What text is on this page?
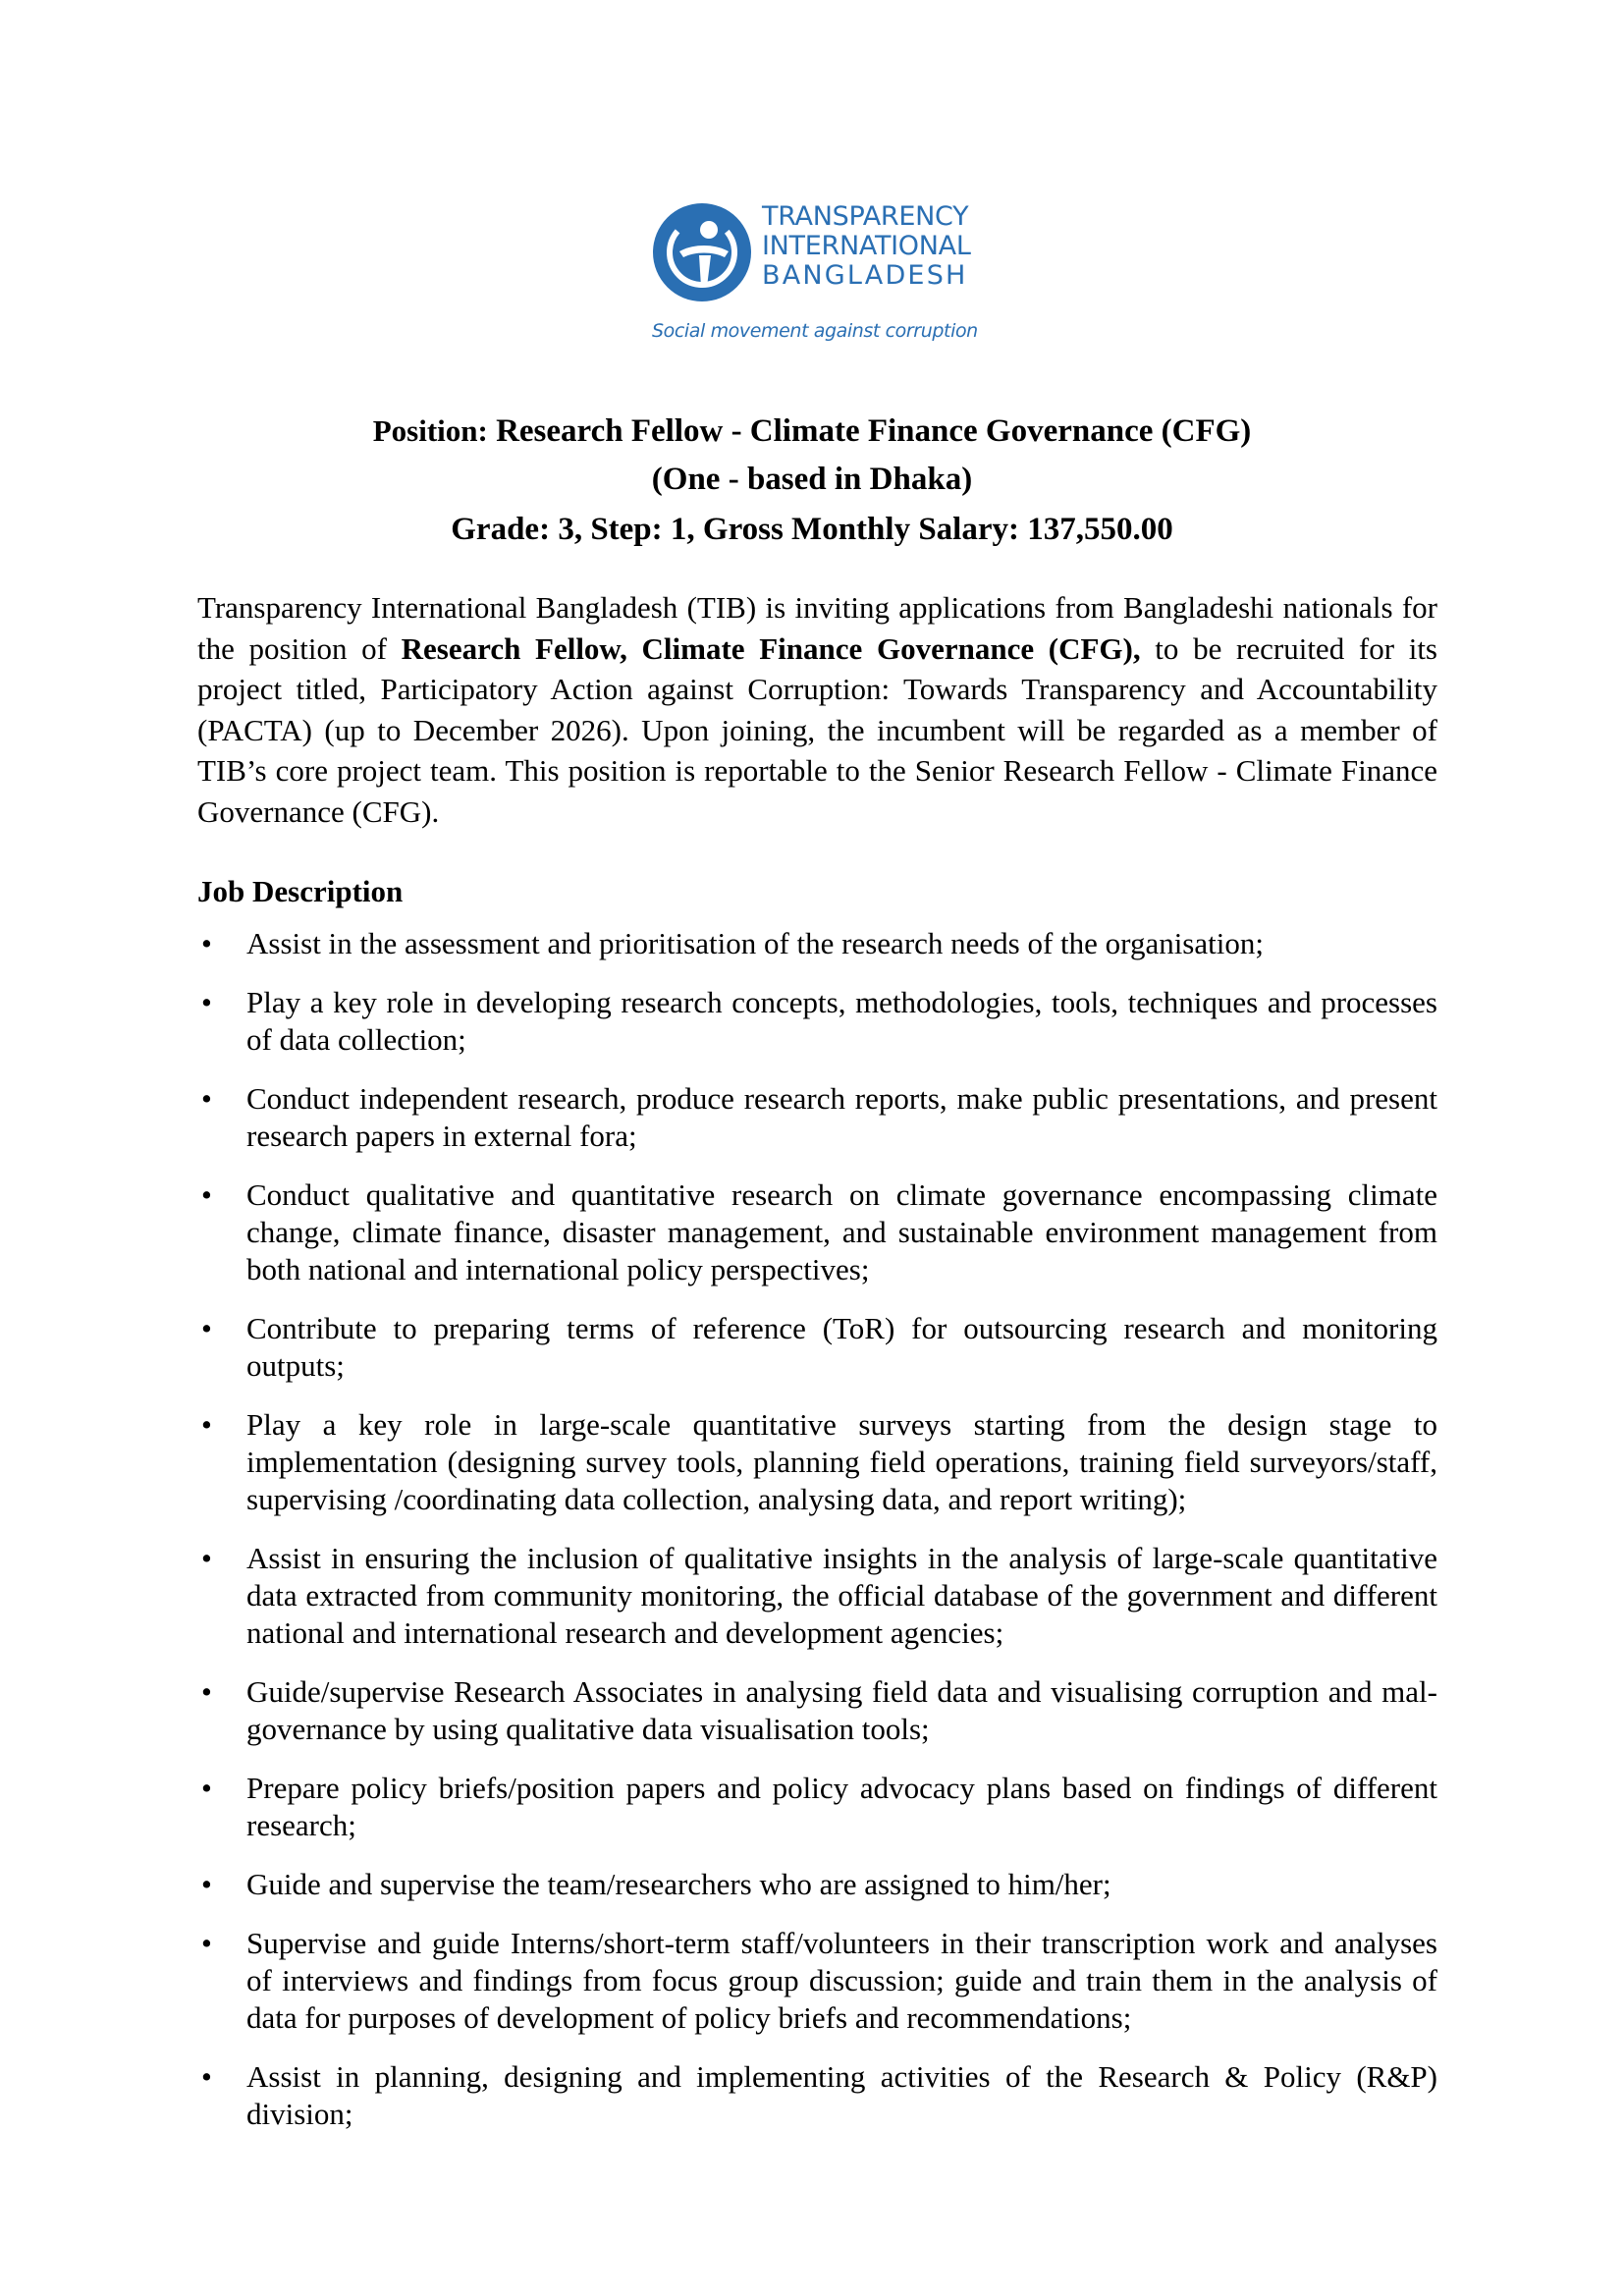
TRANSPARENCY
INTERNATIONAL
BANGLADESH
Social movement against corruption
Position: Research Fellow - Climate Finance Governance (CFG)
(One - based in Dhaka)
Grade: 3, Step: 1, Gross Monthly Salary: 137,550.00

Transparency International Bangladesh (TIB) is inviting applications from Bangladeshi nationals for the position of Research Fellow, Climate Finance Governance (CFG), to be recruited for its project titled, Participatory Action against Corruption: Towards Transparency and Accountability (PACTA) (up to December 2026). Upon joining, the incumbent will be regarded as a member of TIB’s core project team. This position is reportable to the Senior Research Fellow - Climate Finance Governance (CFG).

Job Description
• Assist in the assessment and prioritisation of the research needs of the organisation;
• Play a key role in developing research concepts, methodologies, tools, techniques and processes of data collection;
• Conduct independent research, produce research reports, make public presentations, and present research papers in external fora;
• Conduct qualitative and quantitative research on climate governance encompassing climate change, climate finance, disaster management, and sustainable environment management from both national and international policy perspectives;
• Contribute to preparing terms of reference (ToR) for outsourcing research and monitoring outputs;
• Play a key role in large-scale quantitative surveys starting from the design stage to implementation (designing survey tools, planning field operations, training field surveyors/staff, supervising /coordinating data collection, analysing data, and report writing);
• Assist in ensuring the inclusion of qualitative insights in the analysis of large-scale quantitative data extracted from community monitoring, the official database of the government and different national and international research and development agencies;
• Guide/supervise Research Associates in analysing field data and visualising corruption and mal-governance by using qualitative data visualisation tools;
• Prepare policy briefs/position papers and policy advocacy plans based on findings of different research;
• Guide and supervise the team/researchers who are assigned to him/her;
• Supervise and guide Interns/short-term staff/volunteers in their transcription work and analyses of interviews and findings from focus group discussion; guide and train them in the analysis of data for purposes of development of policy briefs and recommendations;
• Assist in planning, designing and implementing activities of the Research & Policy (R&P) division;
